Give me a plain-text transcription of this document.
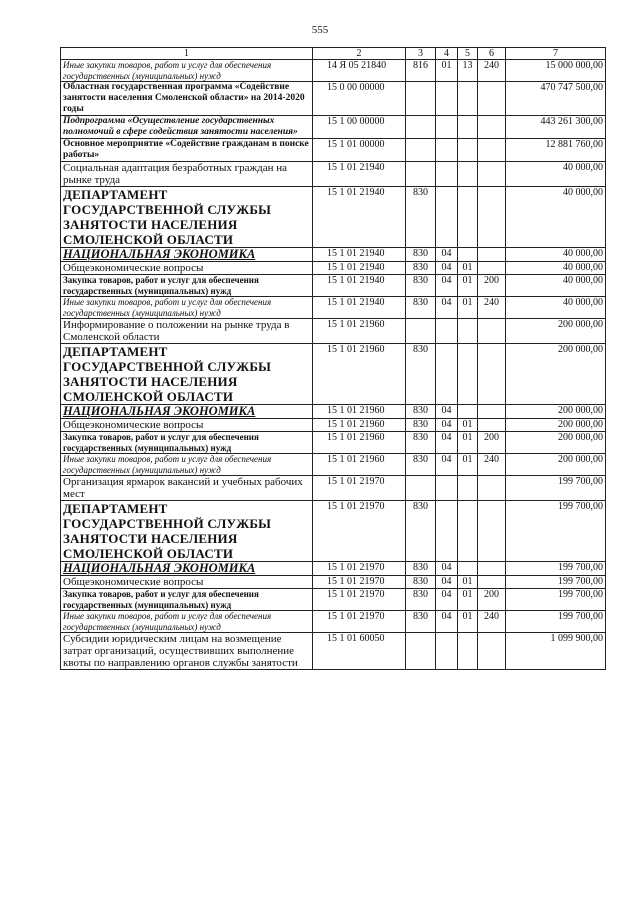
555
1	2	3	4	5	6	7
Иные закупки товаров, работ и услуг для обеспечения государственных (муниципальных) нужд	14 Я 05 21840	816	01	13	240	15 000 000,00
Областная государственная программа «Содействие занятости населения Смоленской области» на 2014-2020 годы	15 0 00 00000					470 747 500,00
Подпрограмма «Осуществление государственных полномочий в сфере содействия занятости населения»	15 1 00 00000					443 261 300,00
Основное мероприятие «Содействие гражданам в поиске работы»	15 1 01 00000					12 881 760,00
Социальная адаптация безработных граждан на рынке труда	15 1 01 21940					40 000,00
ДЕПАРТАМЕНТ ГОСУДАРСТВЕННОЙ СЛУЖБЫ ЗАНЯТОСТИ НАСЕЛЕНИЯ СМОЛЕНСКОЙ ОБЛАСТИ	15 1 01 21940	830				40 000,00
НАЦИОНАЛЬНАЯ ЭКОНОМИКА	15 1 01 21940	830	04			40 000,00
Общеэкономические вопросы	15 1 01 21940	830	04	01		40 000,00
Закупка товаров, работ и услуг для обеспечения государственных (муниципальных) нужд	15 1 01 21940	830	04	01	200	40 000,00
Иные закупки товаров, работ и услуг для обеспечения государственных (муниципальных) нужд	15 1 01 21940	830	04	01	240	40 000,00
Информирование о положении на рынке труда в Смоленской области	15 1 01 21960					200 000,00
ДЕПАРТАМЕНТ ГОСУДАРСТВЕННОЙ СЛУЖБЫ ЗАНЯТОСТИ НАСЕЛЕНИЯ СМОЛЕНСКОЙ ОБЛАСТИ	15 1 01 21960	830				200 000,00
НАЦИОНАЛЬНАЯ ЭКОНОМИКА	15 1 01 21960	830	04			200 000,00
Общеэкономические вопросы	15 1 01 21960	830	04	01		200 000,00
Закупка товаров, работ и услуг для обеспечения государственных (муниципальных) нужд	15 1 01 21960	830	04	01	200	200 000,00
Иные закупки товаров, работ и услуг для обеспечения государственных (муниципальных) нужд	15 1 01 21960	830	04	01	240	200 000,00
Организация ярмарок вакансий и учебных рабочих мест	15 1 01 21970					199 700,00
ДЕПАРТАМЕНТ ГОСУДАРСТВЕННОЙ СЛУЖБЫ ЗАНЯТОСТИ НАСЕЛЕНИЯ СМОЛЕНСКОЙ ОБЛАСТИ	15 1 01 21970	830				199 700,00
НАЦИОНАЛЬНАЯ ЭКОНОМИКА	15 1 01 21970	830	04			199 700,00
Общеэкономические вопросы	15 1 01 21970	830	04	01		199 700,00
Закупка товаров, работ и услуг для обеспечения государственных (муниципальных) нужд	15 1 01 21970	830	04	01	200	199 700,00
Иные закупки товаров, работ и услуг для обеспечения государственных (муниципальных) нужд	15 1 01 21970	830	04	01	240	199 700,00
Субсидии юридическим лицам на возмещение затрат организаций, осуществивших выполнение квоты по направлению органов службы занятости	15 1 01 60050					1 099 900,00
